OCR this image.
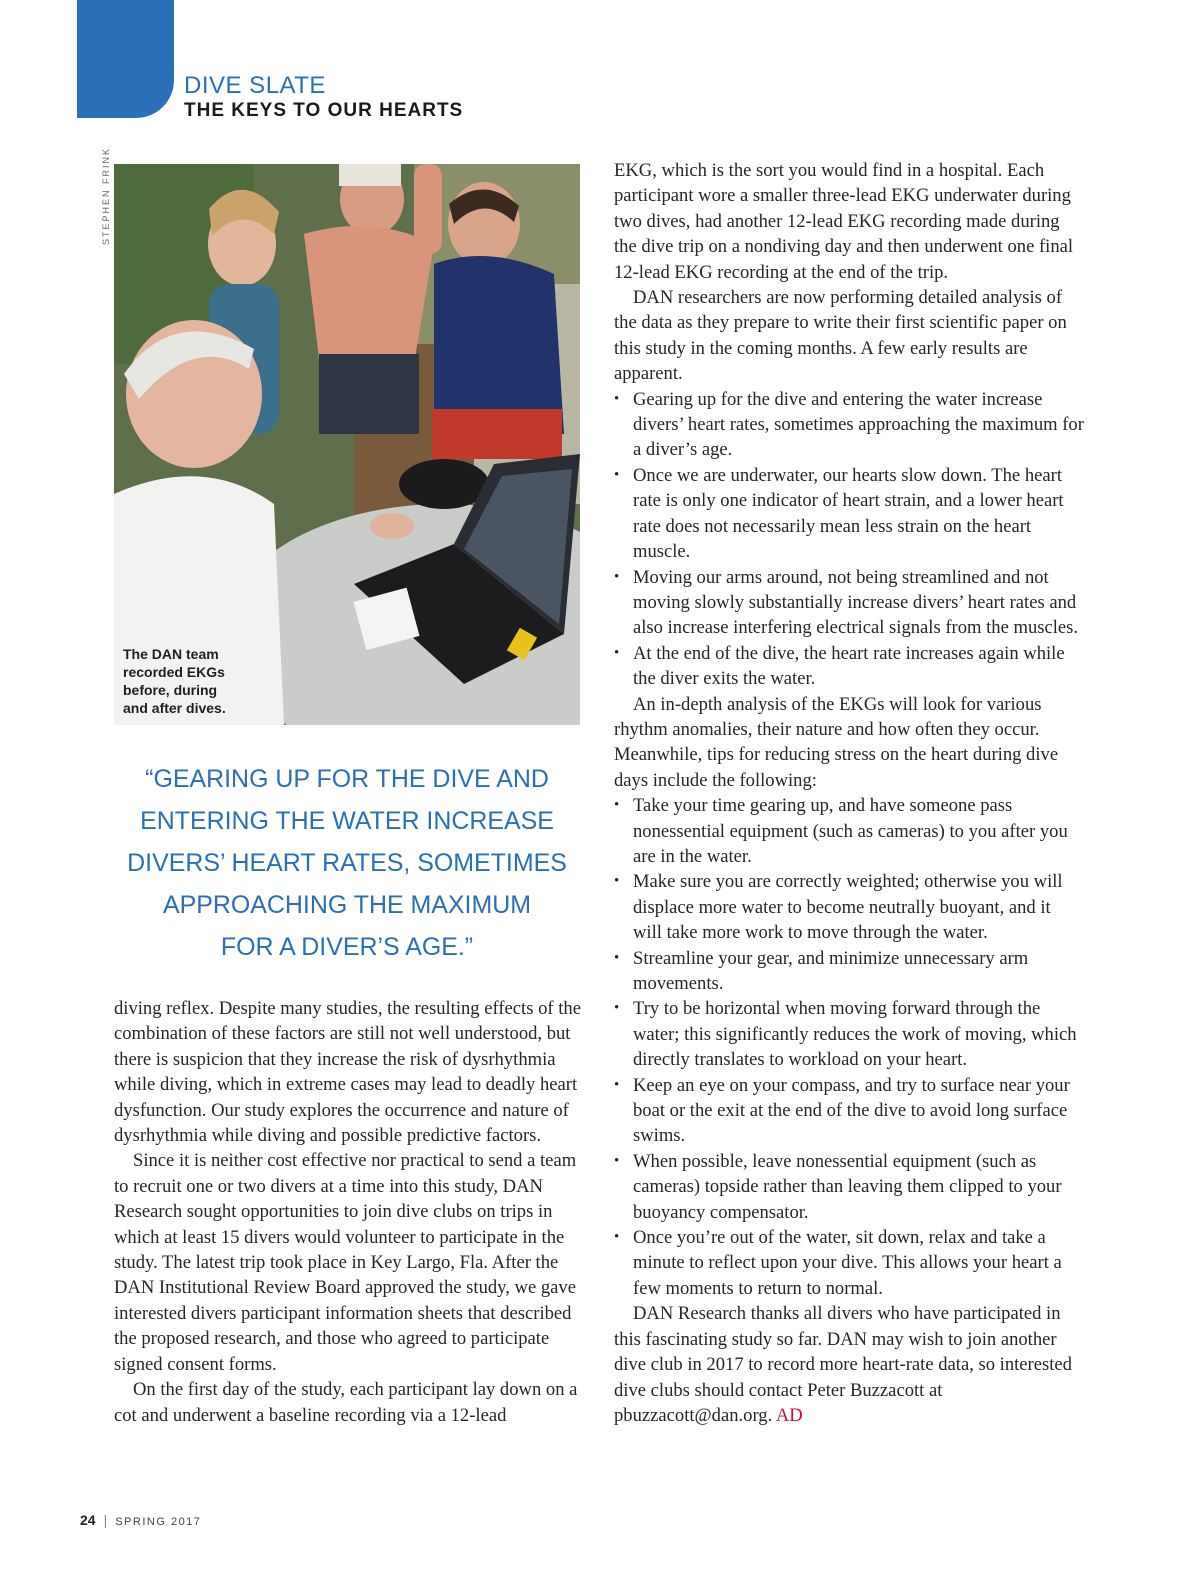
DIVE SLATE
THE KEYS TO OUR HEARTS
STEPHEN FRINK
The DAN team recorded EKGs before, during and after dives.
“GEARING UP FOR THE DIVE AND
ENTERING THE WATER INCREASE
DIVERS’ HEART RATES, SOMETIMES
APPROACHING THE MAXIMUM
FOR A DIVER’S AGE.”

diving reflex. Despite many studies, the resulting effects of the combination of these factors are still not well understood, but there is suspicion that they increase the risk of dysrhythmia while diving, which in extreme cases may lead to deadly heart dysfunction. Our study explores the occurrence and nature of dysrhythmia while diving and possible predictive factors.

Since it is neither cost effective nor practical to send a team to recruit one or two divers at a time into this study, DAN Research sought opportunities to join dive clubs on trips in which at least 15 divers would volunteer to participate in the study. The latest trip took place in Key Largo, Fla. After the DAN Institutional Review Board approved the study, we gave interested divers participant information sheets that described the proposed research, and those who agreed to participate signed consent forms.

On the first day of the study, each participant lay down on a cot and underwent a baseline recording via a 12-lead

EKG, which is the sort you would find in a hospital. Each participant wore a smaller three-lead EKG underwater during two dives, had another 12-lead EKG recording made during the dive trip on a nondiving day and then underwent one final 12-lead EKG recording at the end of the trip.

DAN researchers are now performing detailed analysis of the data as they prepare to write their first scientific paper on this study in the coming months. A few early results are apparent.

• Gearing up for the dive and entering the water increase divers’ heart rates, sometimes approaching the maximum for a diver’s age.
• Once we are underwater, our hearts slow down. The heart rate is only one indicator of heart strain, and a lower heart rate does not necessarily mean less strain on the heart muscle.
• Moving our arms around, not being streamlined and not moving slowly substantially increase divers’ heart rates and also increase interfering electrical signals from the muscles.
• At the end of the dive, the heart rate increases again while the diver exits the water.

An in-depth analysis of the EKGs will look for various rhythm anomalies, their nature and how often they occur. Meanwhile, tips for reducing stress on the heart during dive days include the following:

• Take your time gearing up, and have someone pass nonessential equipment (such as cameras) to you after you are in the water.
• Make sure you are correctly weighted; otherwise you will displace more water to become neutrally buoyant, and it will take more work to move through the water.
• Streamline your gear, and minimize unnecessary arm movements.
• Try to be horizontal when moving forward through the water; this significantly reduces the work of moving, which directly translates to workload on your heart.
• Keep an eye on your compass, and try to surface near your boat or the exit at the end of the dive to avoid long surface swims.
• When possible, leave nonessential equipment (such as cameras) topside rather than leaving them clipped to your buoyancy compensator.
• Once you’re out of the water, sit down, relax and take a minute to reflect upon your dive. This allows your heart a few moments to return to normal.

DAN Research thanks all divers who have participated in this fascinating study so far. DAN may wish to join another dive club in 2017 to record more heart-rate data, so interested dive clubs should contact Peter Buzzacott at pbuzzacott@dan.org. AD

24 | SPRING 2017
